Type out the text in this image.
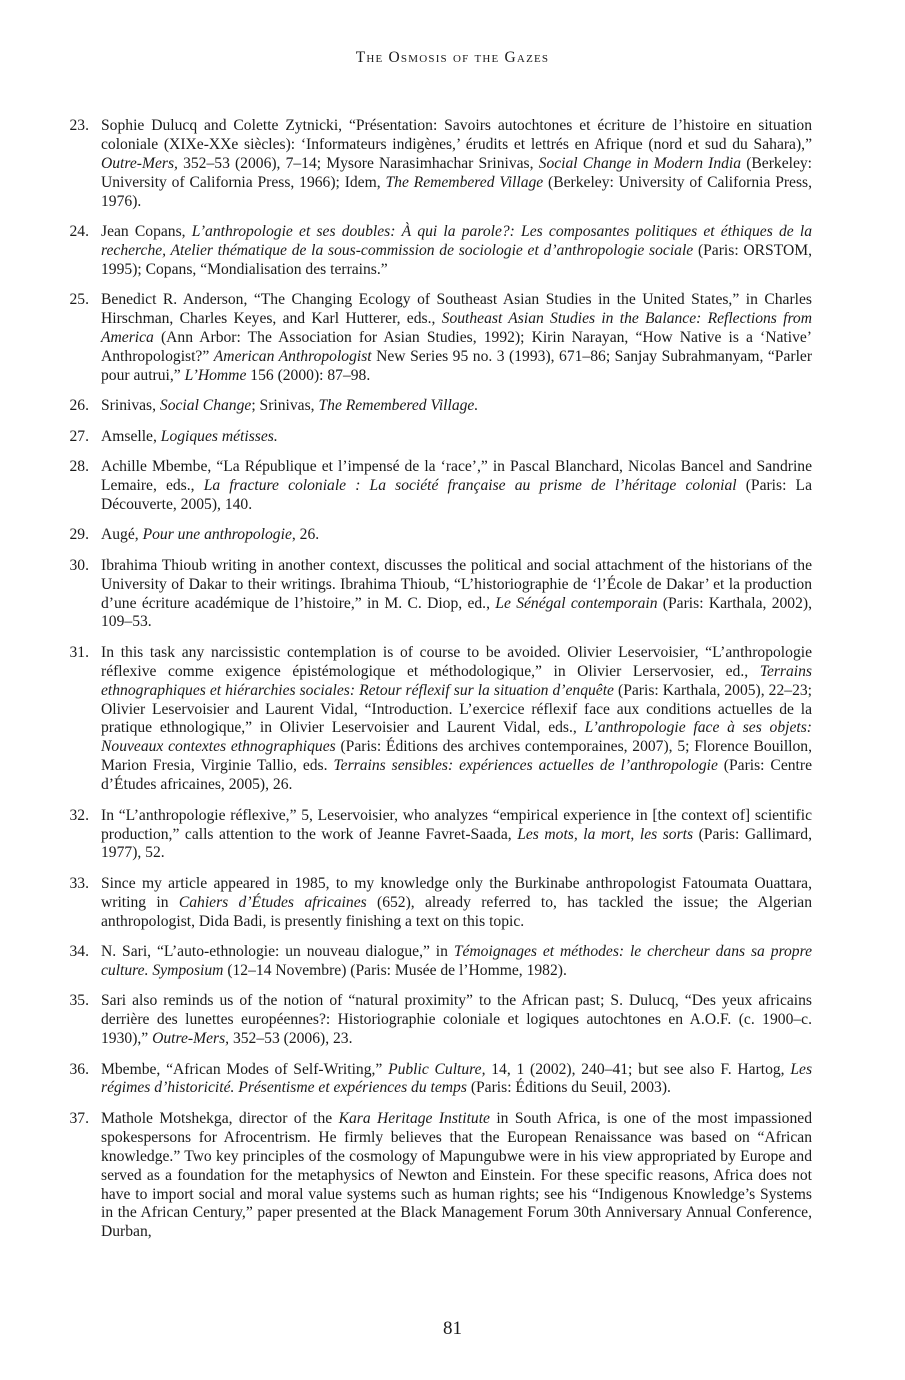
The Osmosis of the Gazes
23. Sophie Dulucq and Colette Zytnicki, “Présentation: Savoirs autochtones et écriture de l’histoire en situation coloniale (XIXe-XXe siècles): ‘Informateurs indigènes,’ érudits et lettrés en Afrique (nord et sud du Sahara),” Outre-Mers, 352–53 (2006), 7–14; Mysore Narasimhachar Srinivas, Social Change in Modern India (Berkeley: University of California Press, 1966); Idem, The Remembered Village (Berkeley: University of California Press, 1976).
24. Jean Copans, L’anthropologie et ses doubles: À qui la parole?: Les composantes politiques et éthiques de la recherche, Atelier thématique de la sous-commission de sociologie et d’anthropologie sociale (Paris: ORSTOM, 1995); Copans, “Mondialisation des terrains.”
25. Benedict R. Anderson, “The Changing Ecology of Southeast Asian Studies in the United States,” in Charles Hirschman, Charles Keyes, and Karl Hutterer, eds., Southeast Asian Studies in the Balance: Reflections from America (Ann Arbor: The Association for Asian Studies, 1992); Kirin Narayan, “How Native is a ‘Native’ Anthropologist?” American Anthropologist New Series 95 no. 3 (1993), 671–86; Sanjay Subrahmanyam, “Parler pour autrui,” L’Homme 156 (2000): 87–98.
26. Srinivas, Social Change; Srinivas, The Remembered Village.
27. Amselle, Logiques métisses.
28. Achille Mbembe, “La République et l’impensé de la ‘race’,” in Pascal Blanchard, Nicolas Bancel and Sandrine Lemaire, eds., La fracture coloniale : La société française au prisme de l’héritage colonial (Paris: La Découverte, 2005), 140.
29. Augé, Pour une anthropologie, 26.
30. Ibrahima Thioub writing in another context, discusses the political and social attachment of the historians of the University of Dakar to their writings. Ibrahima Thioub, “L’historiographie de ‘l’École de Dakar’ et la production d’une écriture académique de l’histoire,” in M. C. Diop, ed., Le Sénégal contemporain (Paris: Karthala, 2002), 109–53.
31. In this task any narcissistic contemplation is of course to be avoided. Olivier Leservoisier, “L’anthropologie réflexive comme exigence épistémologique et méthodologique,” in Olivier Lerservosier, ed., Terrains ethnographiques et hiérarchies sociales: Retour réflexif sur la situation d’enquête (Paris: Karthala, 2005), 22–23; Olivier Leservoisier and Laurent Vidal, “Introduction. L’exercice réflexif face aux conditions actuelles de la pratique ethnologique,” in Olivier Leservoisier and Laurent Vidal, eds., L’anthropologie face à ses objets: Nouveaux contextes ethnographiques (Paris: Éditions des archives contemporaines, 2007), 5; Florence Bouillon, Marion Fresia, Virginie Tallio, eds. Terrains sensibles: expériences actuelles de l’anthropologie (Paris: Centre d’Études africaines, 2005), 26.
32. In “L’anthropologie réflexive,” 5, Leservoisier, who analyzes “empirical experience in [the context of] scientific production,” calls attention to the work of Jeanne Favret-Saada, Les mots, la mort, les sorts (Paris: Gallimard, 1977), 52.
33. Since my article appeared in 1985, to my knowledge only the Burkinabe anthropologist Fatoumata Ouattara, writing in Cahiers d’Études africaines (652), already referred to, has tackled the issue; the Algerian anthropologist, Dida Badi, is presently finishing a text on this topic.
34. N. Sari, “L’auto-ethnologie: un nouveau dialogue,” in Témoignages et méthodes: le chercheur dans sa propre culture. Symposium (12–14 Novembre) (Paris: Musée de l’Homme, 1982).
35. Sari also reminds us of the notion of “natural proximity” to the African past; S. Dulucq, “Des yeux africains derrière des lunettes européennes?: Historiographie coloniale et logiques autochtones en A.O.F. (c. 1900–c. 1930),” Outre-Mers, 352–53 (2006), 23.
36. Mbembe, “African Modes of Self-Writing,” Public Culture, 14, 1 (2002), 240–41; but see also F. Hartog, Les régimes d’historicité. Présentisme et expériences du temps (Paris: Éditions du Seuil, 2003).
37. Mathole Motshekga, director of the Kara Heritage Institute in South Africa, is one of the most impassioned spokespersons for Afrocentrism. He firmly believes that the European Renaissance was based on “African knowledge.” Two key principles of the cosmology of Mapungubwe were in his view appropriated by Europe and served as a foundation for the metaphysics of Newton and Einstein. For these specific reasons, Africa does not have to import social and moral value systems such as human rights; see his “Indigenous Knowledge’s Systems in the African Century,” paper presented at the Black Management Forum 30th Anniversary Annual Conference, Durban,
81
